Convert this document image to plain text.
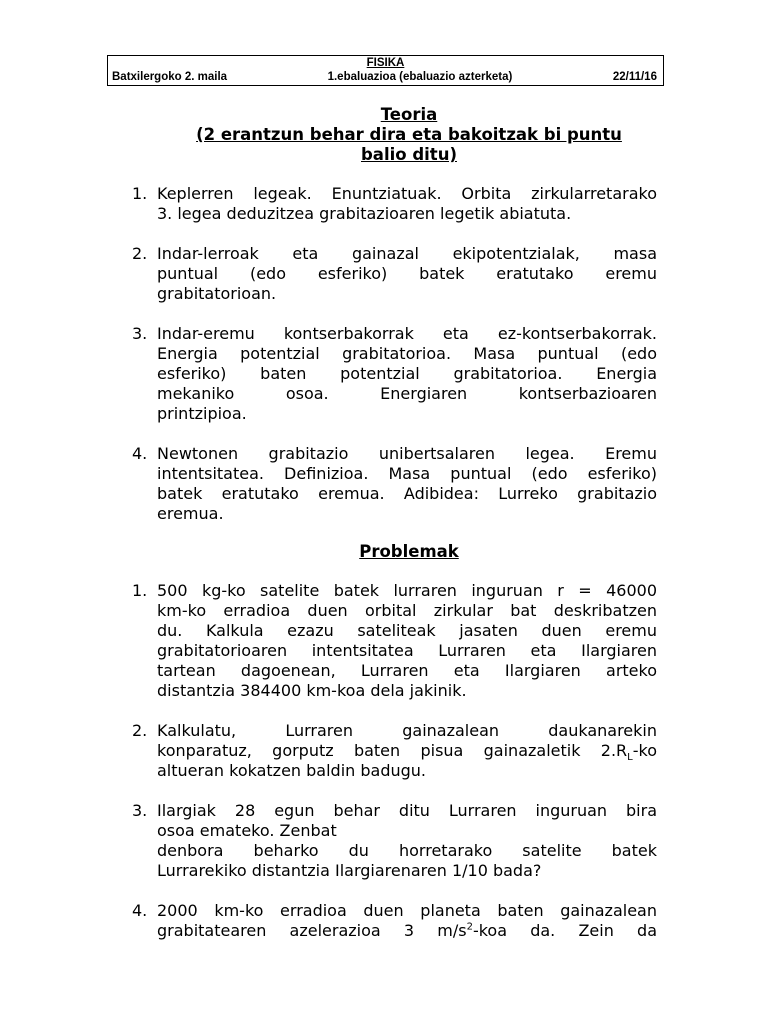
FISIKA
Batxilergoko 2. maila	1.ebaluazioa (ebaluazio azterketa)	22/11/16
Teoria
(2 erantzun behar dira eta bakoitzak bi puntu
balio ditu)
1. Keplerren legeak. Enuntziatuak. Orbita zirkularretarako
3. legea deduzitzea grabitazioaren legetik abiatuta.
2. Indar-lerroak eta gainazal ekipotentzialak, masa
puntual (edo esferiko) batek eratutako eremu
grabitatorioan.
3. Indar-eremu kontserbakorrak eta ez-kontserbakorrak.
Energia potentzial grabitatorioa. Masa puntual (edo
esferiko) baten potentzial grabitatorioa. Energia
mekaniko osoa. Energiaren kontserbazioaren
printzipioa.
4. Newtonen grabitazio unibertsalaren legea. Eremu
intentsitatea. Definizioa. Masa puntual (edo esferiko)
batek eratutako eremua. Adibidea: Lurreko grabitazio
eremua.
Problemak
1. 500 kg-ko satelite batek lurraren inguruan r = 46000
km-ko erradioa duen orbital zirkular bat deskribatzen
du. Kalkula ezazu sateliteak jasaten duen eremu
grabitatorioaren intentsitatea Lurraren eta Ilargiaren
tartean dagoenean, Lurraren eta Ilargiaren arteko
distantzia 384400 km-koa dela jakinik.
2. Kalkulatu, Lurraren gainazalean daukanarekin
konparatuz, gorputz baten pisua gainazaletik $2.R_L-ko$
altueran kokatzen baldin badugu.
3. Ilargiak 28 egun behar ditu Lurraren inguruan bira
osoa emateko. Zenbat
denbora beharko du horretarako satelite batek
Lurrarekiko distantzia Ilargiarenaren 1/10 bada?
4. 2000 km-ko erradioa duen planeta baten gainazalean
grabitatearen azelerazioa 3 $m/s^2$-koa da. Zein da
